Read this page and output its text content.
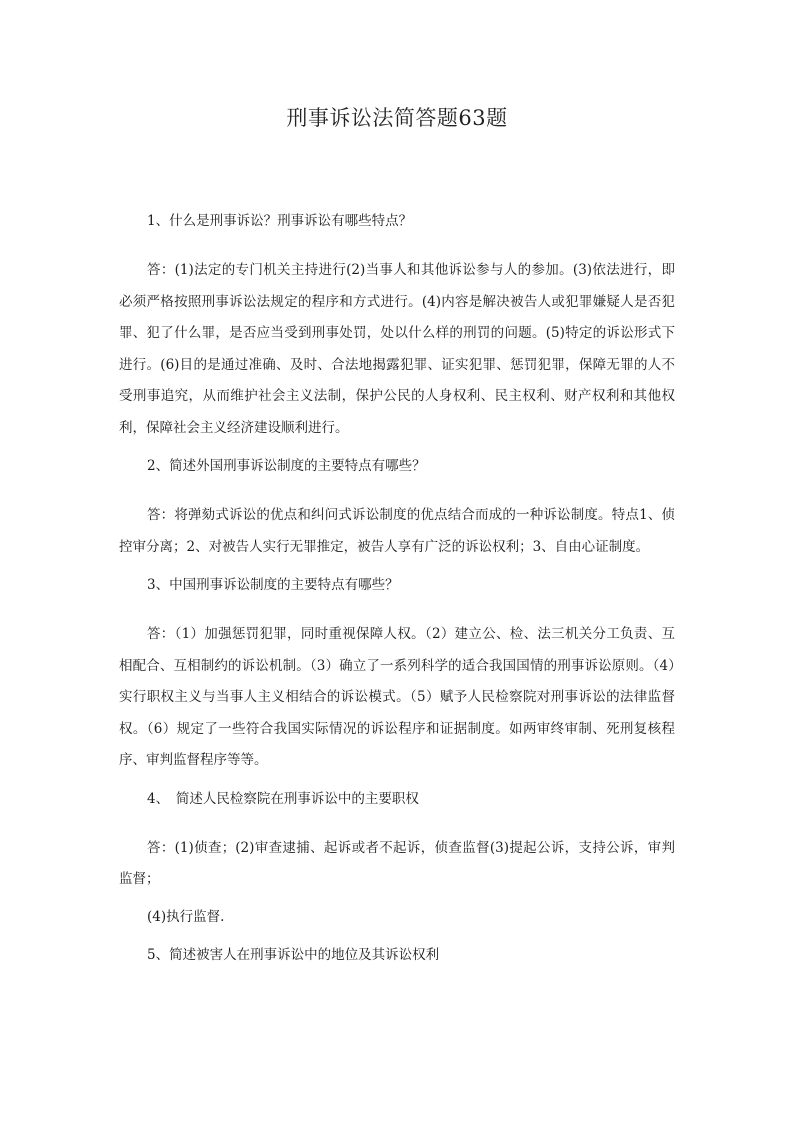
刑事诉讼法简答题63题

1、什么是刑事诉讼？刑事诉讼有哪些特点？

答：(1)法定的专门机关主持进行(2)当事人和其他诉讼参与人的参加。(3)依法进行，即必须严格按照刑事诉讼法规定的程序和方式进行。(4)内容是解决被告人或犯罪嫌疑人是否犯罪、犯了什么罪，是否应当受到刑事处罚，处以什么样的刑罚的问题。(5)特定的诉讼形式下进行。(6)目的是通过准确、及时、合法地揭露犯罪、证实犯罪、惩罚犯罪，保障无罪的人不受刑事追究，从而维护社会主义法制，保护公民的人身权利、民主权利、财产权利和其他权利，保障社会主义经济建设顺利进行。

2、简述外国刑事诉讼制度的主要特点有哪些？

答：将弹劾式诉讼的优点和纠问式诉讼制度的优点结合而成的一种诉讼制度。特点1、侦控审分离；2、对被告人实行无罪推定，被告人享有广泛的诉讼权利；3、自由心证制度。

3、中国刑事诉讼制度的主要特点有哪些？

答：（1）加强惩罚犯罪，同时重视保障人权。（2）建立公、检、法三机关分工负责、互相配合、互相制约的诉讼机制。（3）确立了一系列科学的适合我国国情的刑事诉讼原则。（4）实行职权主义与当事人主义相结合的诉讼模式。（5）赋予人民检察院对刑事诉讼的法律监督权。（6）规定了一些符合我国实际情况的诉讼程序和证据制度。如两审终审制、死刑复核程序、审判监督程序等等。

4、　简述人民检察院在刑事诉讼中的主要职权

答：(1)侦查；(2)审查逮捕、起诉或者不起诉，侦查监督(3)提起公诉，支持公诉，审判监督；

(4)执行监督.

5、简述被害人在刑事诉讼中的地位及其诉讼权利
